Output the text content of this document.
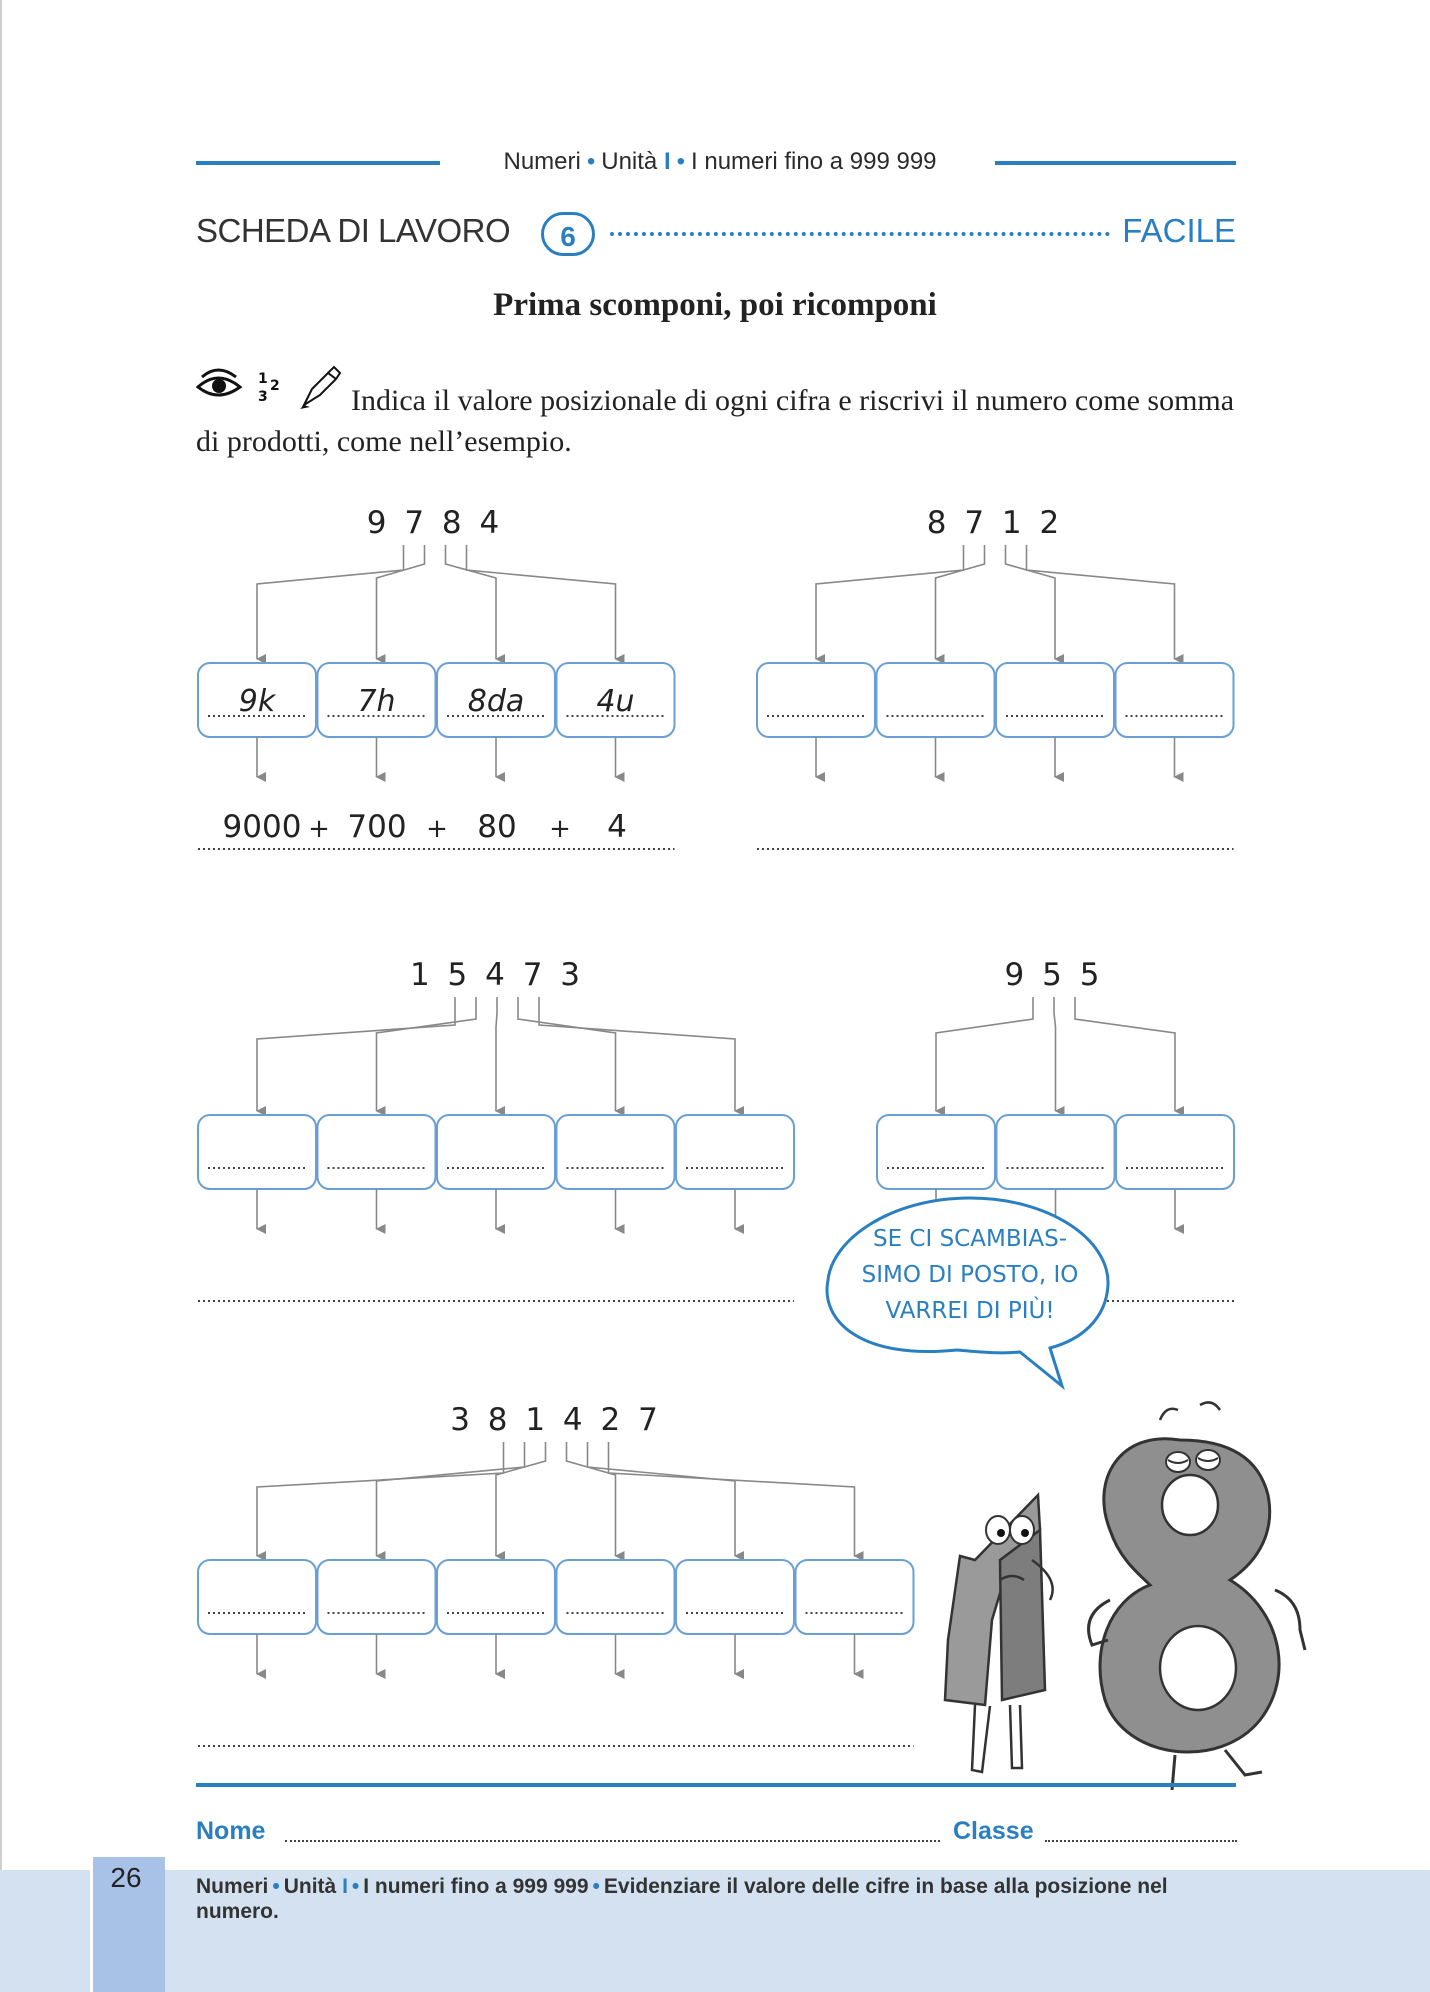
Numeri • Unità I • I numeri fino a 999 999
SCHEDA DI LAVORO	6	FACILE
Prima scomponi, poi ricomponi
1 2
3	Indica il valore posizionale di ogni cifra e riscrivi il numero come somma di prodotti, come nell’esempio.
9 7 8 4
9k	7h 8da 4u
9000 + 700 + 80 + 4
8 7 1 2
1 5 4 7 3	9 5 5
3 8 1 4 2 7
SE CI SCAMBIAS-
SIMO DI POSTO, IO
VARREI DI PIÙ!
Nome	Classe
26	Numeri • Unità I • I numeri fino a 999 999 • Evidenziare il valore delle cifre in base alla posizione nel numero.
